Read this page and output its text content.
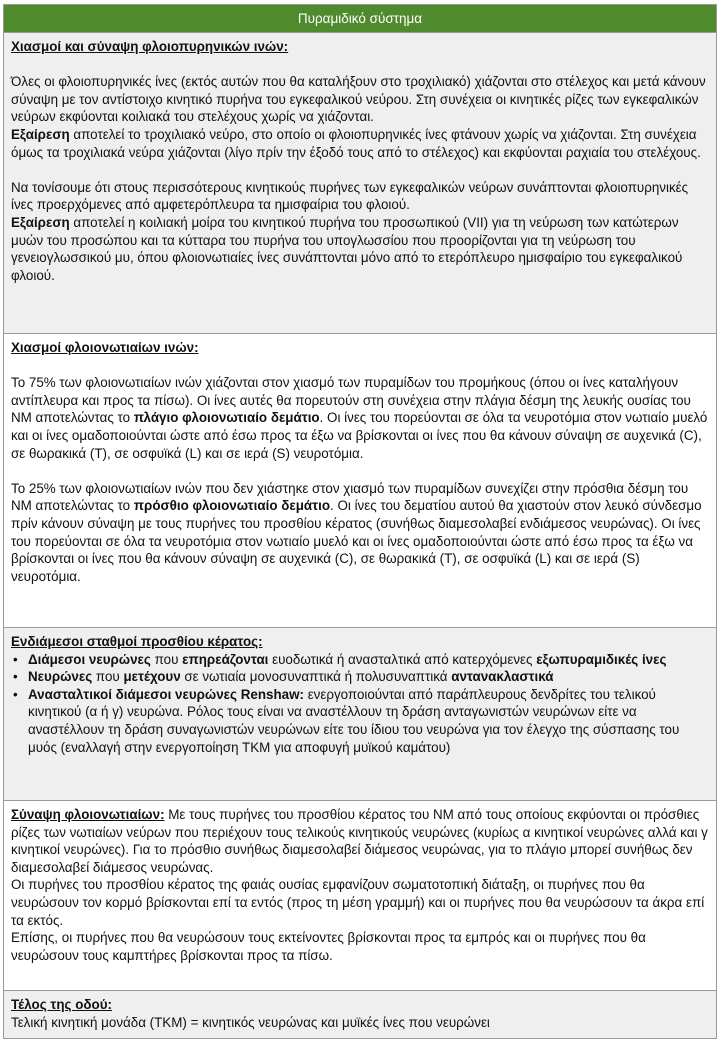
Πυραμιδικό σύστημα

Χιασμοί και σύναψη φλοιοπυρηνικών ινών:

Όλες οι φλοιοπυρηνικές ίνες (εκτός αυτών που θα καταλήξουν στο τροχιλιακό) χιάζονται στο στέλεχος και μετά κάνουν σύναψη με τον αντίστοιχο κινητικό πυρήνα του εγκεφαλικού νεύρου. Στη συνέχεια οι κινητικές ρίζες των εγκεφαλικών νεύρων εκφύονται κοιλιακά του στελέχους χωρίς να χιάζονται.

Εξαίρεση αποτελεί το τροχιλιακό νεύρο, στο οποίο οι φλοιοπυρηνικές ίνες φτάνουν χωρίς να χιάζονται. Στη συνέχεια όμως τα τροχιλιακά νεύρα χιάζονται (λίγο πρίν την έξοδό τους από το στέλεχος) και εκφύονται ραχιαία του στελέχους.

Να τονίσουμε ότι στους περισσότερους κινητικούς πυρήνες των εγκεφαλικών νεύρων συνάπτονται φλοιοπυρηνικές ίνες προερχόμενες από αμφετερόπλευρα τα ημισφαίρια του φλοιού.

Εξαίρεση αποτελεί η κοιλιακή μοίρα του κινητικού πυρήνα του προσωπικού (VII) για τη νεύρωση των κατώτερων μυών του προσώπου και τα κύτταρα του πυρήνα του υπογλωσσίου που προορίζονται για τη νεύρωση του γενειογλωσσικού μυ, όπου φλοιονωτιαίες ίνες συνάπτονται μόνο από το ετερόπλευρο ημισφαίριο του εγκεφαλικού φλοιού.

Χιασμοί φλοιονωτιαίων ινών:

Το 75% των φλοιονωτιαίων ινών χιάζονται στον χιασμό των πυραμίδων του προμήκους (όπου οι ίνες καταλήγουν αντίπλευρα και προς τα πίσω). Οι ίνες αυτές θα πορευτούν στη συνέχεια στην πλάγια δέσμη της λευκής ουσίας του ΝΜ αποτελώντας το πλάγιο φλοιονωτιαίο δεμάτιο. Οι ίνες του πορεύονται σε όλα τα νευροτόμια στον νωτιαίο μυελό και οι ίνες ομαδοποιούνται ώστε από έσω προς τα έξω να βρίσκονται οι ίνες που θα κάνουν σύναψη σε αυχενικά (C), σε θωρακικά (Τ), σε οσφυϊκά (L) και σε ιερά (S) νευροτόμια.

Το 25% των φλοιονωτιαίων ινών που δεν χιάστηκε στον χιασμό των πυραμίδων συνεχίζει στην πρόσθια δέσμη του ΝΜ αποτελώντας το πρόσθιο φλοιονωτιαίο δεμάτιο. Οι ίνες του δεματίου αυτού θα χιαστούν στον λευκό σύνδεσμο πρίν κάνουν σύναψη με τους πυρήνες του προσθίου κέρατος (συνήθως διαμεσολαβεί ενδιάμεσος νευρώνας). Οι ίνες του πορεύονται σε όλα τα νευροτόμια στον νωτιαίο μυελό και οι ίνες ομαδοποιούνται ώστε από έσω προς τα έξω να βρίσκονται οι ίνες που θα κάνουν σύναψη σε αυχενικά (C), σε θωρακικά (Τ), σε οσφυϊκά (L) και σε ιερά (S) νευροτόμια.

Ενδιάμεσοι σταθμοί προσθίου κέρατος:

• Διάμεσοι νευρώνες που επηρεάζονται ευοδωτικά ή ανασταλτικά από κατερχόμενες εξωπυραμιδικές ίνες
• Νευρώνες που μετέχουν σε νωτιαία μονοσυναπτικά ή πολυσυναπτικά αντανακλαστικά
• Ανασταλτικοί διάμεσοι νευρώνες Renshaw: ενεργοποιούνται από παράπλευρους δενδρίτες του τελικού κινητικού (α ή γ) νευρώνα. Ρόλος τους είναι να αναστέλλουν τη δράση ανταγωνιστών νευρώνων είτε να αναστέλλουν τη δράση συναγωνιστών νευρώνων είτε του ίδιου του νευρώνα για τον έλεγχο της σύσπασης του μυός (εναλλαγή στην ενεργοποίηση ΤΚΜ για αποφυγή μυϊκού καμάτου)

Σύναψη φλοιονωτιαίων: Με τους πυρήνες του προσθίου κέρατος του ΝΜ από τους οποίους εκφύονται οι πρόσθιες ρίζες των νωτιαίων νεύρων που περιέχουν τους τελικούς κινητικούς νευρώνες (κυρίως α κινητικοί νευρώνες αλλά και γ κινητικοί νευρώνες). Για το πρόσθιο συνήθως διαμεσολαβεί διάμεσος νευρώνας, για το πλάγιο μπορεί συνήθως δεν διαμεσολαβεί διάμεσος νευρώνας.

Οι πυρήνες του προσθίου κέρατος της φαιάς ουσίας εμφανίζουν σωματοτοπική διάταξη, οι πυρήνες που θα νευρώσουν τον κορμό βρίσκονται επί τα εντός (προς τη μέση γραμμή) και οι πυρήνες που θα νευρώσουν τα άκρα επί τα εκτός.

Επίσης, οι πυρήνες που θα νευρώσουν τους εκτείνοντες βρίσκονται προς τα εμπρός και οι πυρήνες που θα νευρώσουν τους καμπτήρες βρίσκονται προς τα πίσω.

Τέλος της οδού:

Τελική κινητική μονάδα (ΤΚΜ) = κινητικός νευρώνας και μυϊκές ίνες που νευρώνει
